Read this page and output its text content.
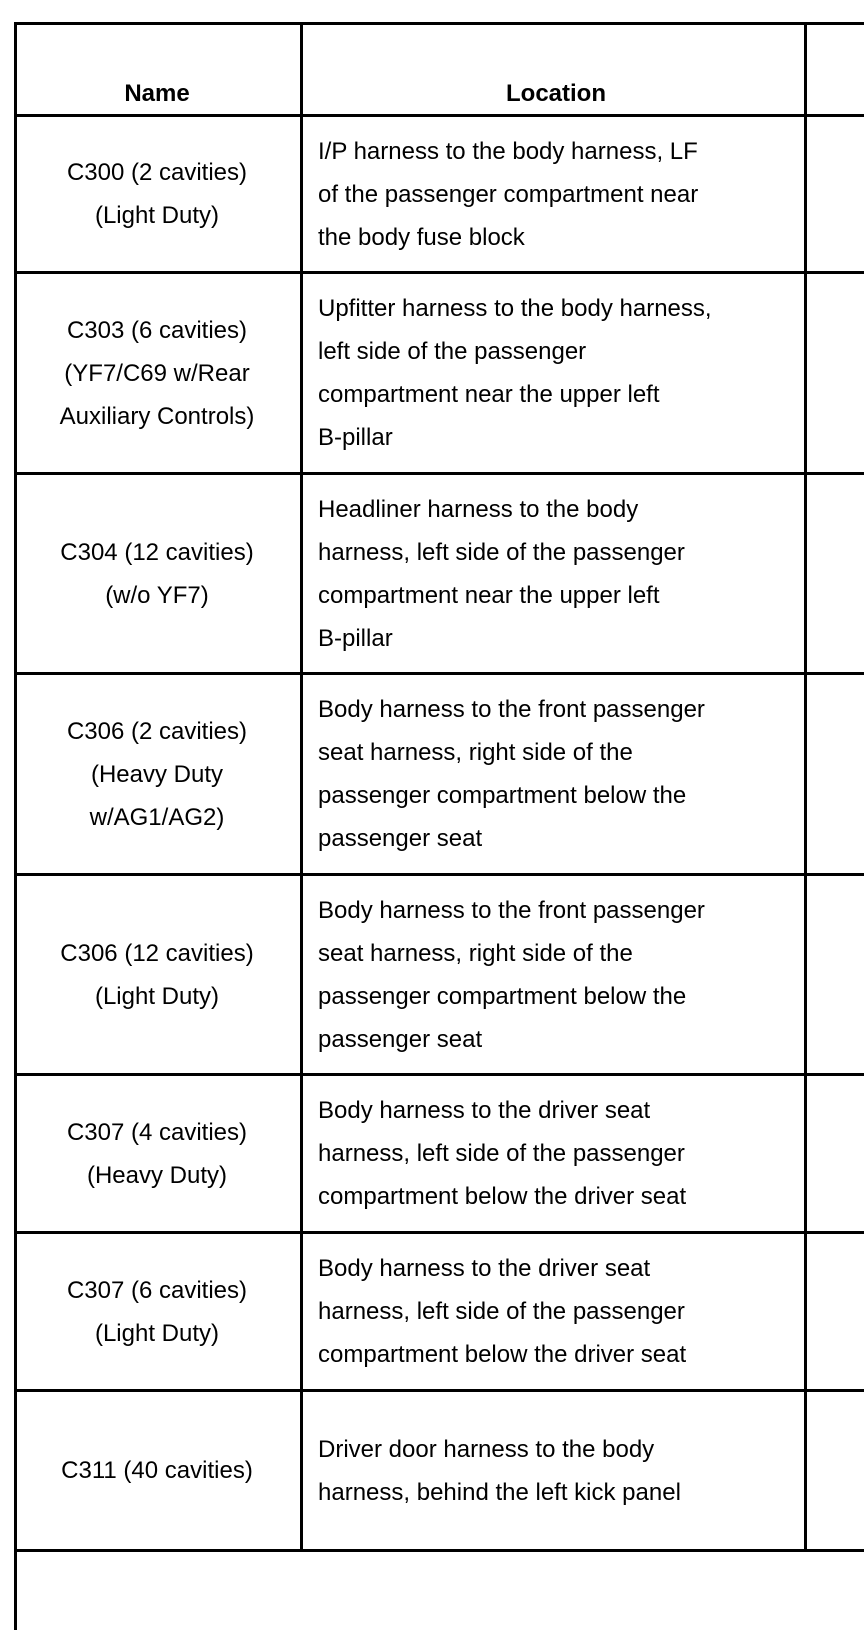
Name	Location
C300 (2 cavities)
(Light Duty)
I/P harness to the body harness, LF
of the passenger compartment near
the body fuse block
C303 (6 cavities)
(YF7/C69 w/Rear
Auxiliary Controls)
Upfitter harness to the body harness,
left side of the passenger
compartment near the upper left
B-pillar
C304 (12 cavities)
(w/o YF7)
Headliner harness to the body
harness, left side of the passenger
compartment near the upper left
B-pillar
C306 (2 cavities)
(Heavy Duty
w/AG1/AG2)
Body harness to the front passenger
seat harness, right side of the
passenger compartment below the
passenger seat
C306 (12 cavities)
(Light Duty)
Body harness to the front passenger
seat harness, right side of the
passenger compartment below the
passenger seat
C307 (4 cavities)
(Heavy Duty)
Body harness to the driver seat
harness, left side of the passenger
compartment below the driver seat
C307 (6 cavities)
(Light Duty)
Body harness to the driver seat
harness, left side of the passenger
compartment below the driver seat
C311 (40 cavities)
Driver door harness to the body
harness, behind the left kick panel
